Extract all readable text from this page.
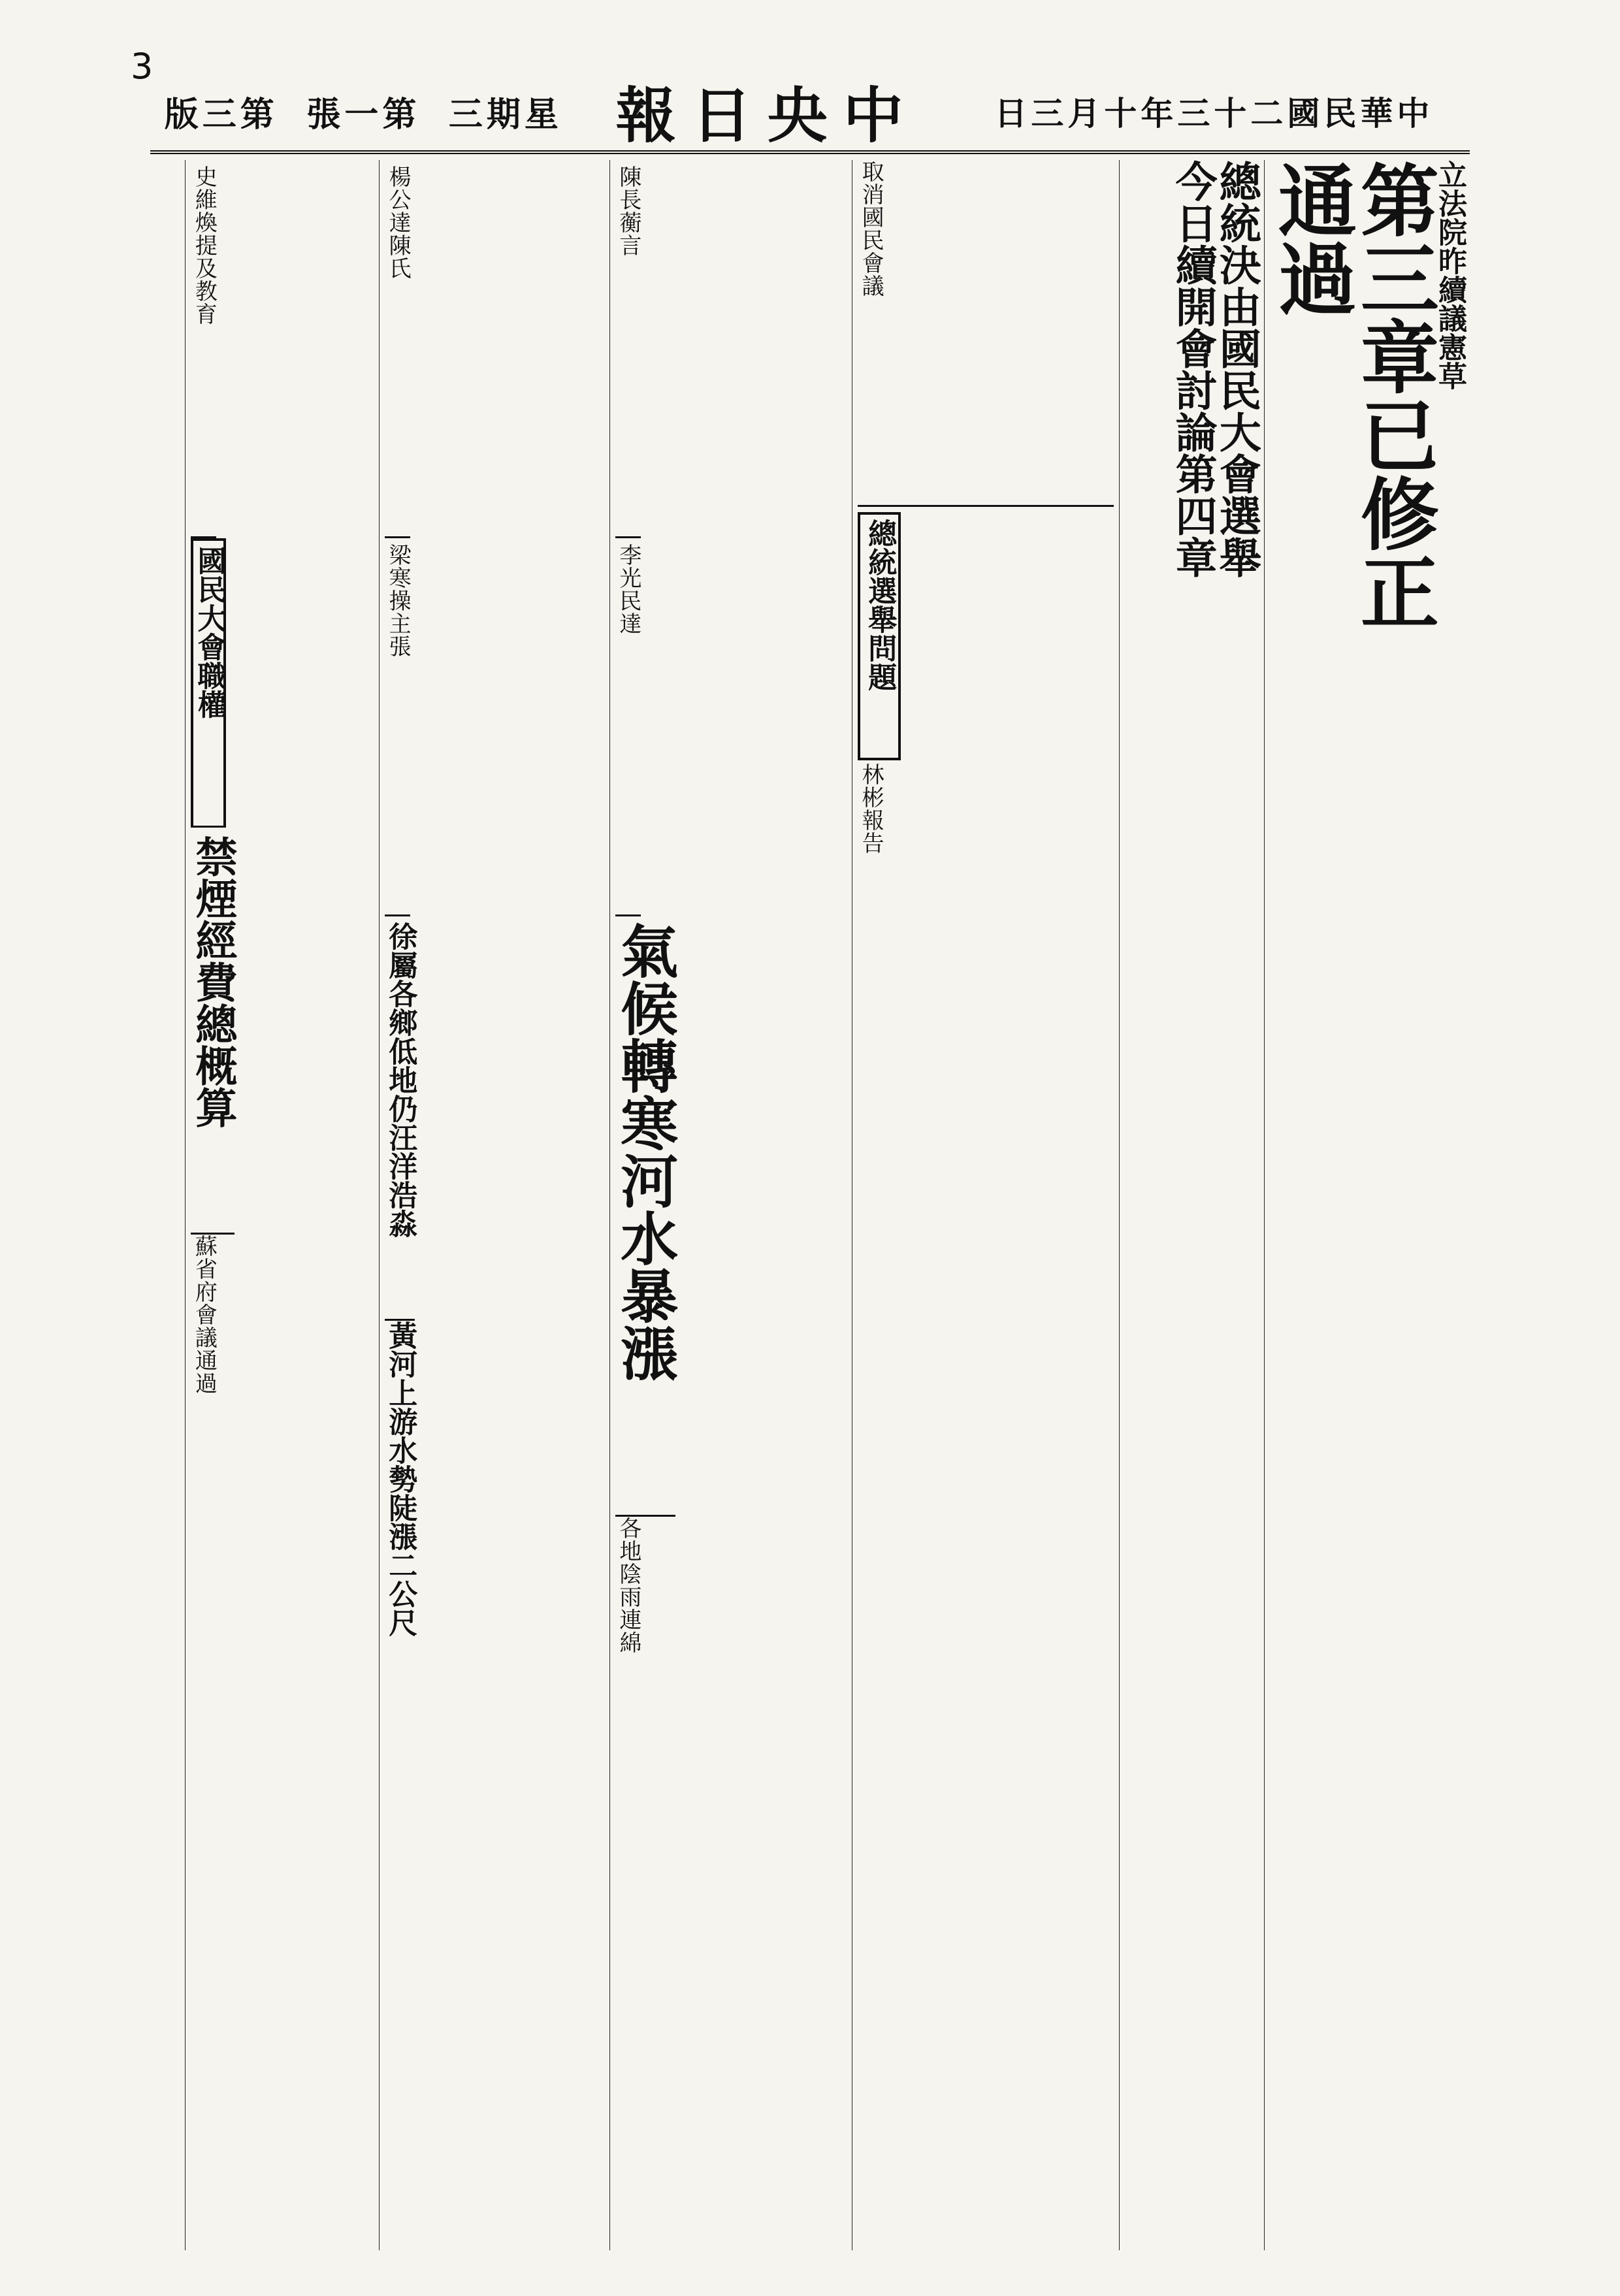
3
版三第 張一第 三期星 報日央中	日三月十年三十二國民華中
立法院昨續議憲草
第三章已修正通過
總統決由國民大會選舉
今日續開會討論第四章
取消國民會議
總統選舉問題
林彬報告
陳長蘅言
李光民達
氣候轉寒河水暴漲
各地陰雨連綿
楊公達陳氏
梁寒操主張
徐屬各鄉低地仍汪洋浩淼
黃河上游水勢陡漲二公尺
史維煥提及教育
國民大會職權
禁煙經費總概算
蘇省府會議通過
